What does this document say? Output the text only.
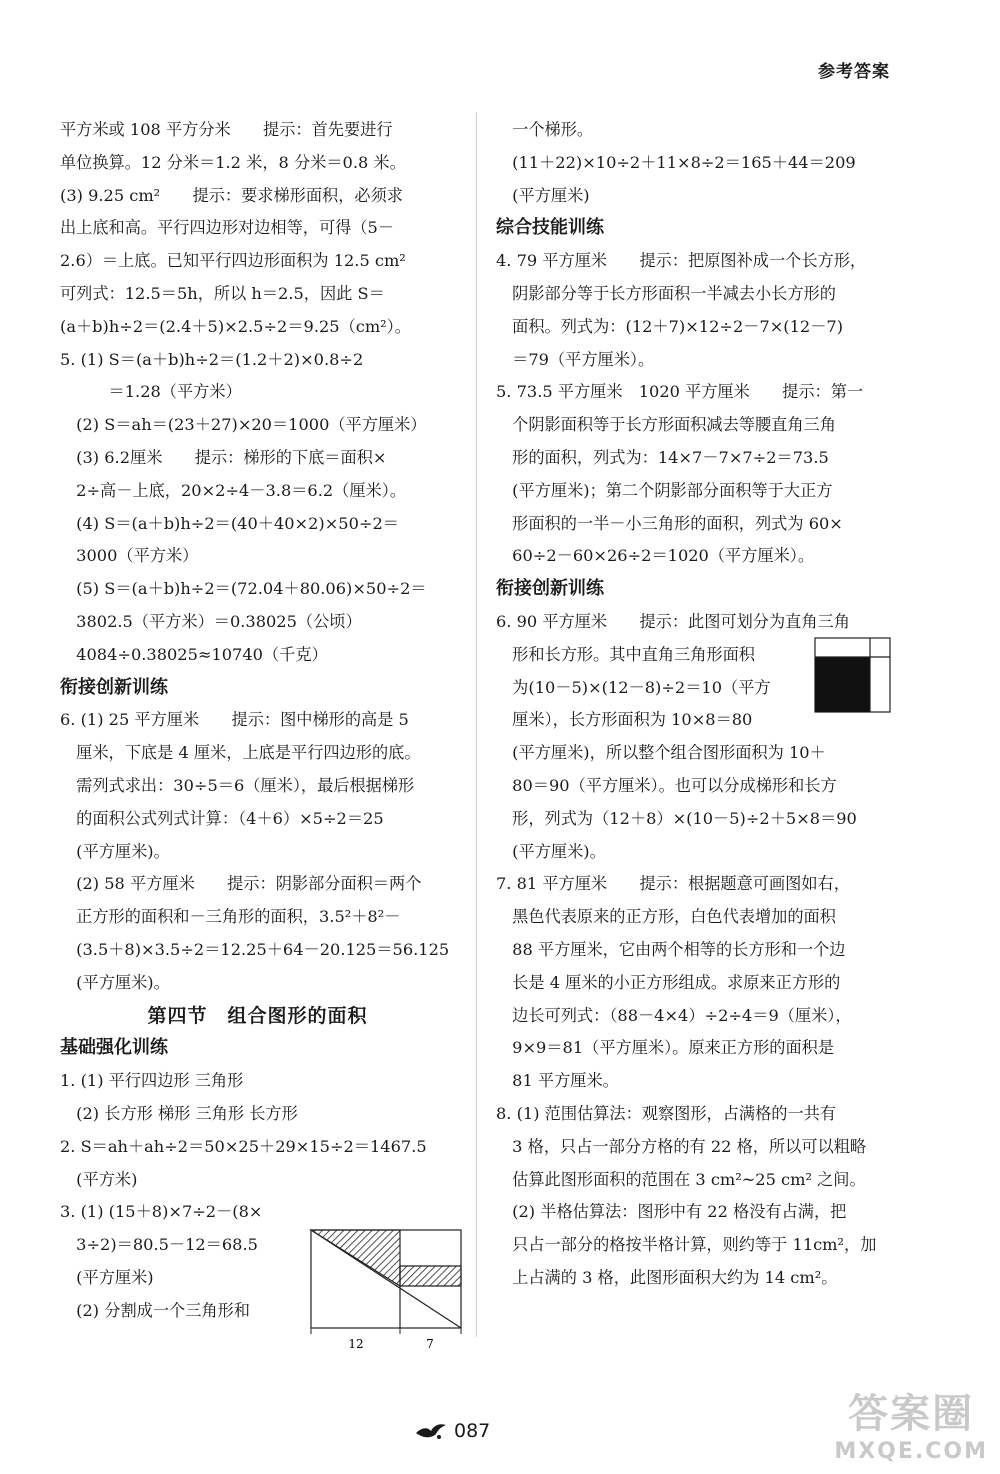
参考答案

平方米或 108 平方分米　　提示：首先要进行

单位换算。12 分米＝1.2 米，8 分米＝0.8 米。

(3) 9.25 cm²　　提示：要求梯形面积，必须求

出上底和高。平行四边形对边相等，可得（5－

2.6）＝上底。已知平行四边形面积为 12.5 cm²

可列式：12.5＝5h，所以 h＝2.5，因此 S＝

(a＋b)h÷2＝(2.4＋5)×2.5÷2＝9.25（cm²）。

5. (1) S＝(a＋b)h÷2＝(1.2＋2)×0.8÷2

　　　＝1.28（平方米）

　(2) S＝ah＝(23＋27)×20＝1000（平方厘米）

　(3) 6.2厘米　　提示：梯形的下底＝面积×

　2÷高－上底，20×2÷4－3.8＝6.2（厘米）。

　(4) S＝(a＋b)h÷2＝(40＋40×2)×50÷2＝

　3000（平方米）

　(5) S＝(a＋b)h÷2＝(72.04＋80.06)×50÷2＝

　3802.5（平方米）＝0.38025（公顷）

　4084÷0.38025≈10740（千克）

衔接创新训练

6. (1) 25 平方厘米　　提示：图中梯形的高是 5

　厘米，下底是 4 厘米，上底是平行四边形的底。

　需列式求出：30÷5＝6（厘米），最后根据梯形

　的面积公式列式计算：（4＋6）×5÷2＝25

　(平方厘米)。

　(2) 58 平方厘米　　提示：阴影部分面积＝两个

　正方形的面积和－三角形的面积，3.5²＋8²－

　(3.5＋8)×3.5÷2＝12.25＋64－20.125＝56.125

　(平方厘米)。

第四节　组合图形的面积

基础强化训练

1. (1) 平行四边形 三角形

　(2) 长方形 梯形 三角形 长方形

2. S＝ah＋ah÷2＝50×25＋29×15÷2＝1467.5

　(平方米)

3. (1) (15＋8)×7÷2－(8×

　3÷2)＝80.5－12＝68.5

　(平方厘米)

　(2) 分割成一个三角形和

　一个梯形。

　(11＋22)×10÷2＋11×8÷2＝165＋44＝209

　(平方厘米)

综合技能训练

4. 79 平方厘米　　提示：把原图补成一个长方形，

　阴影部分等于长方形面积一半减去小长方形的

　面积。列式为：(12＋7)×12÷2－7×(12－7)

　＝79（平方厘米）。

5. 73.5 平方厘米　1020 平方厘米　　提示：第一

　个阴影面积等于长方形面积减去等腰直角三角

　形的面积，列式为：14×7－7×7÷2＝73.5

　(平方厘米)；第二个阴影部分面积等于大正方

　形面积的一半－小三角形的面积，列式为 60×

　60÷2－60×26÷2＝1020（平方厘米）。

衔接创新训练

6. 90 平方厘米　　提示：此图可划分为直角三角

　形和长方形。其中直角三角形面积

　为(10－5)×(12－8)÷2＝10（平方

　厘米），长方形面积为 10×8＝80

　(平方厘米)，所以整个组合图形面积为 10＋

　80＝90（平方厘米）。也可以分成梯形和长方

　形，列式为（12＋8）×(10－5)÷2＋5×8＝90

　(平方厘米)。

7. 81 平方厘米　　提示：根据题意可画图如右，

　黑色代表原来的正方形，白色代表增加的面积

　88 平方厘米，它由两个相等的长方形和一个边

　长是 4 厘米的小正方形组成。求原来正方形的

　边长可列式：（88－4×4）÷2÷4＝9（厘米），

　9×9＝81（平方厘米）。原来正方形的面积是

　81 平方厘米。

8. (1) 范围估算法：观察图形，占满格的一共有

　3 格，只占一部分方格的有 22 格，所以可以粗略

　估算此图形面积的范围在 3 cm²~25 cm² 之间。

　(2) 半格估算法：图形中有 22 格没有占满，把

　只占一部分的格按半格计算，则约等于 11cm²，加

　上占满的 3 格，此图形面积大约为 14 cm²。

12	7
087	答案圈
MXQE.COM
